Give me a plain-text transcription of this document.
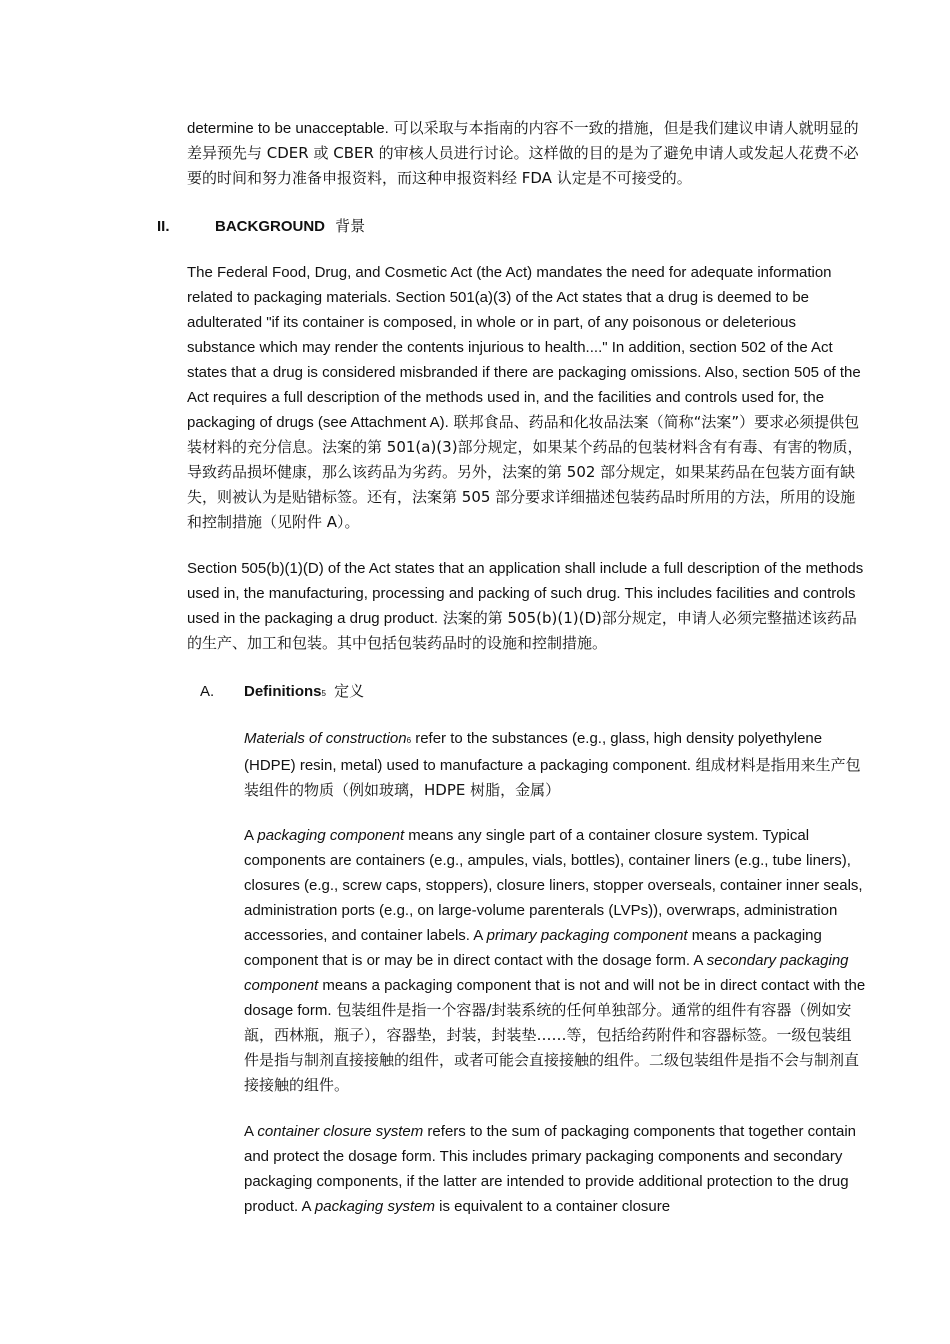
determine to be unacceptable. 可以采取与本指南的内容不一致的措施，但是我们建议申请人就明显的差异预先与 CDER 或 CBER 的审核人员进行讨论。这样做的目的是为了避免申请人或发起人花费不必要的时间和努力准备申报资料，而这种申报资料经 FDA 认定是不可接受的。

II.	BACKGROUND 背景

The Federal Food, Drug, and Cosmetic Act (the Act) mandates the need for adequate information related to packaging materials. Section 501(a)(3) of the Act states that a drug is deemed to be adulterated "if its container is composed, in whole or in part, of any poisonous or deleterious substance which may render the contents injurious to health...." In addition, section 502 of the Act states that a drug is considered misbranded if there are packaging omissions. Also, section 505 of the Act requires a full description of the methods used in, and the facilities and controls used for, the packaging of drugs (see Attachment A). 联邦食品、药品和化妆品法案（简称“法案”）要求必须提供包装材料的充分信息。法案的第 501(a)(3)部分规定，如果某个药品的包装材料含有有毒、有害的物质，导致药品损坏健康，那么该药品为劣药。另外，法案的第 502 部分规定，如果某药品在包装方面有缺失，则被认为是贴错标签。还有，法案第 505 部分要求详细描述包装药品时所用的方法，所用的设施和控制措施（见附件 A）。

Section 505(b)(1)(D) of the Act states that an application shall include a full description of the methods used in, the manufacturing, processing and packing of such drug. This includes facilities and controls used in the packaging a drug product. 法案的第 505(b)(1)(D)部分规定，申请人必须完整描述该药品的生产、加工和包装。其中包括包装药品时的设施和控制措施。

A. Definitions5 定义

Materials of construction6 refer to the substances (e.g., glass, high density polyethylene (HDPE) resin, metal) used to manufacture a packaging component. 组成材料是指用来生产包装组件的物质（例如玻璃，HDPE 树脂，金属）

A packaging component means any single part of a container closure system. Typical components are containers (e.g., ampules, vials, bottles), container liners (e.g., tube liners), closures (e.g., screw caps, stoppers), closure liners, stopper overseals, container inner seals, administration ports (e.g., on large-volume parenterals (LVPs)), overwraps, administration accessories, and container labels. A primary packaging component means a packaging component that is or may be in direct contact with the dosage form. A secondary packaging component means a packaging component that is not and will not be in direct contact with the dosage form. 包装组件是指一个容器/封装系统的任何单独部分。通常的组件有容器（例如安瓿，西林瓶，瓶子），容器垫，封装，封装垫……等，包括给药附件和容器标签。一级包装组件是指与制剂直接接触的组件，或者可能会直接接触的组件。二级包装组件是指不会与制剂直接接触的组件。

A container closure system refers to the sum of packaging components that together contain and protect the dosage form. This includes primary packaging components and secondary packaging components, if the latter are intended to provide additional protection to the drug product. A packaging system is equivalent to a container closure
